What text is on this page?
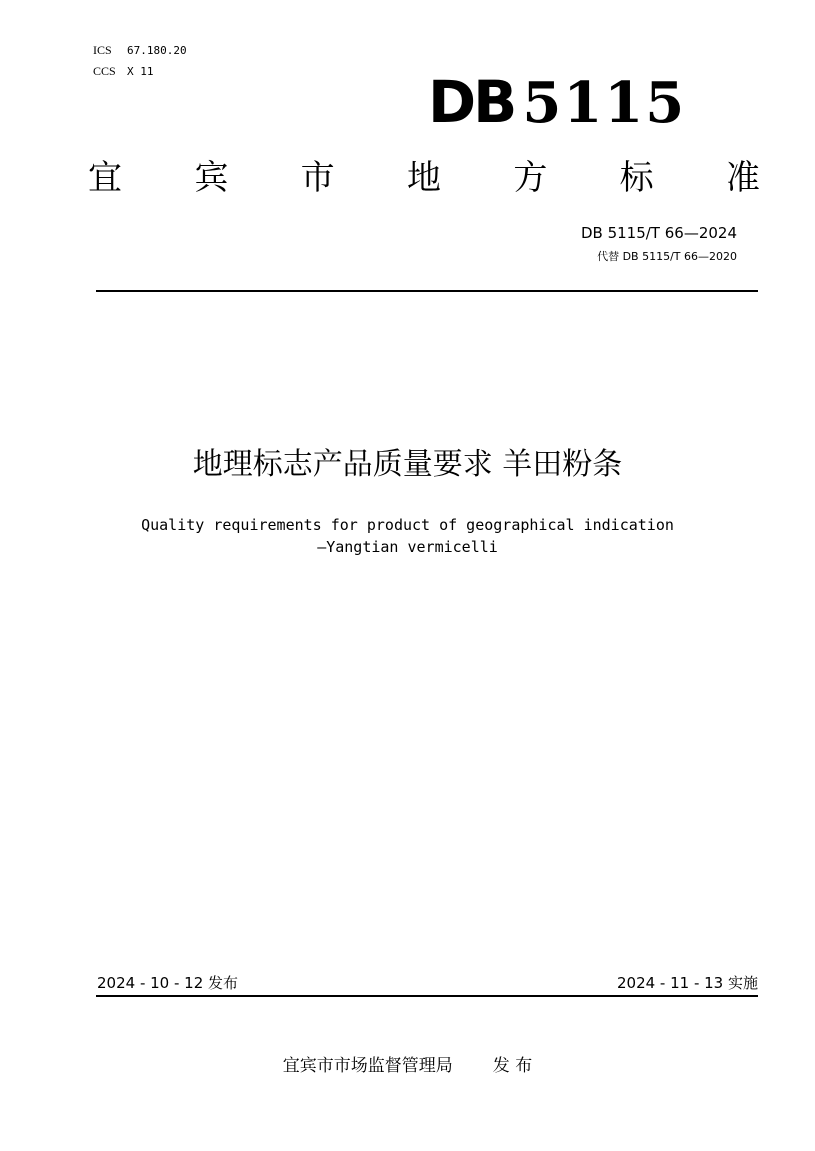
ICS 67.180.20
CCS X 11	DB 5115
宜 宾 市 地 方 标 准
DB 5115/T 66—2024
代替 DB 5115/T 66—2020
地理标志产品质量要求 羊田粉条
Quality requirements for product of geographical indication
—Yangtian vermicelli
2024 - 10 - 12 发布	2024 - 11 - 13 实施
宜宾市市场监督管理局 发 布
